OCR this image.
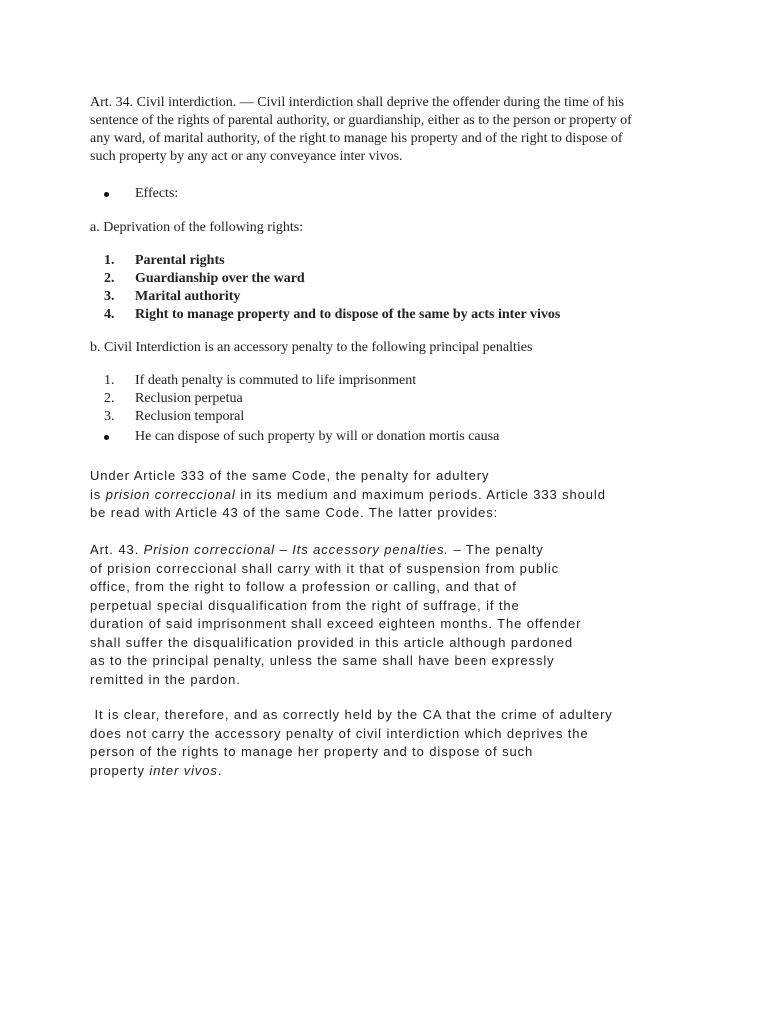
Art. 34. Civil interdiction. — Civil interdiction shall deprive the offender during the time of his
sentence of the rights of parental authority, or guardianship, either as to the person or property of
any ward, of marital authority, of the right to manage his property and of the right to dispose of
such property by any act or any conveyance inter vivos.
Effects:
a. Deprivation of the following rights:
1.	Parental rights
2.	Guardianship over the ward
3.	Marital authority
4.	Right to manage property and to dispose of the same by acts inter vivos
b. Civil Interdiction is an accessory penalty to the following principal penalties
1.	If death penalty is commuted to life imprisonment
2.	Reclusion perpetua
3.	Reclusion temporal
He can dispose of such property by will or donation mortis causa
Under Article 333 of the same Code, the penalty for adultery
is prision correccional in its medium and maximum periods. Article 333 should
be read with Article 43 of the same Code. The latter provides:
Art. 43. Prision correccional – Its accessory penalties. – The penalty
of prision correccional shall carry with it that of suspension from public
office, from the right to follow a profession or calling, and that of
perpetual special disqualification from the right of suffrage, if the
duration of said imprisonment shall exceed eighteen months. The offender
shall suffer the disqualification provided in this article although pardoned
as to the principal penalty, unless the same shall have been expressly
remitted in the pardon.
It is clear, therefore, and as correctly held by the CA that the crime of adultery
does not carry the accessory penalty of civil interdiction which deprives the
person of the rights to manage her property and to dispose of such
property inter vivos.
